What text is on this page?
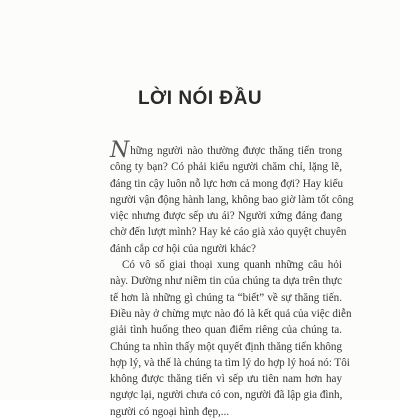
LỜI NÓI ĐẦU

Những người nào thường được thăng tiến trong
công ty bạn? Có phải kiểu người chăm chỉ, lặng lẽ,
đáng tin cậy luôn nỗ lực hơn cả mong đợi? Hay kiểu
người vận động hành lang, không bao giờ làm tốt công
việc nhưng được sếp ưu ái? Người xứng đáng đang
chờ đến lượt mình? Hay kẻ cáo già xảo quyệt chuyên
đánh cắp cơ hội của người khác?

Có vô số giai thoại xung quanh những câu hỏi
này. Dường như niềm tin của chúng ta dựa trên thực
tế hơn là những gì chúng ta “biết” về sự thăng tiến.
Điều này ở chừng mực nào đó là kết quả của việc diễn
giải tình huống theo quan điểm riêng của chúng ta.
Chúng ta nhìn thấy một quyết định thăng tiến không
hợp lý, và thế là chúng ta tìm lý do hợp lý hoá nó: Tôi
không được thăng tiến vì sếp ưu tiên nam hơn hay
ngược lại, người chưa có con, người đã lập gia đình,
người có ngoại hình đẹp,...
